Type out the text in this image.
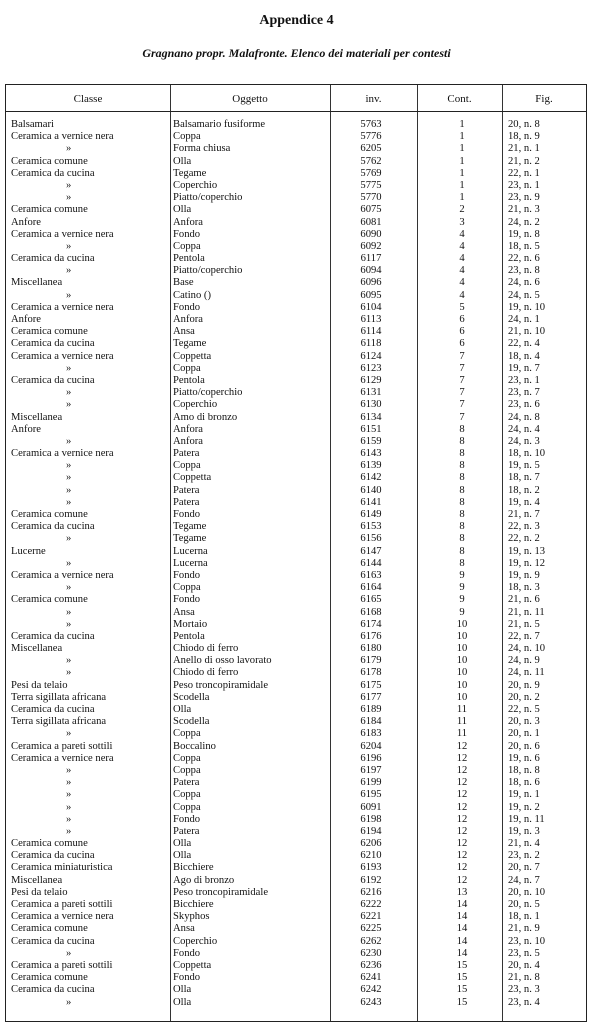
Appendice 4
Gragnano propr. Malafronte. Elenco dei materiali per contesti
Classe	Oggetto	inv.	Cont.	Fig.
Balsamari	Balsamario fusiforme	5763	1	20, n. 8
Ceramica a vernice nera	Coppa	5776	1	18, n. 9
»	Forma chiusa	6205	1	21, n. 1
Ceramica comune	Olla	5762	1	21, n. 2
Ceramica da cucina	Tegame	5769	1	22, n. 1
»	Coperchio	5775	1	23, n. 1
»	Piatto/coperchio	5770	1	23, n. 9
Ceramica comune	Olla	6075	2	21, n. 3
Anfore	Anfora	6081	3	24, n. 2
Ceramica a vernice nera	Fondo	6090	4	19, n. 8
»	Coppa	6092	4	18, n. 5
Ceramica da cucina	Pentola	6117	4	22, n. 6
»	Piatto/coperchio	6094	4	23, n. 8
Miscellanea	Base	6096	4	24, n. 6
»	Catino ()	6095	4	24, n. 5
Ceramica a vernice nera	Fondo	6104	5	19, n. 10
Anfore	Anfora	6113	6	24, n. 1
Ceramica comune	Ansa	6114	6	21, n. 10
Ceramica da cucina	Tegame	6118	6	22, n. 4
Ceramica a vernice nera	Coppetta	6124	7	18, n. 4
»	Coppa	6123	7	19, n. 7
Ceramica da cucina	Pentola	6129	7	23, n. 1
»	Piatto/coperchio	6131	7	23, n. 7
»	Coperchio	6130	7	23, n. 6
Miscellanea	Amo di bronzo	6134	7	24, n. 8
Anfore	Anfora	6151	8	24, n. 4
»	Anfora	6159	8	24, n. 3
Ceramica a vernice nera	Patera	6143	8	18, n. 10
»	Coppa	6139	8	19, n. 5
»	Coppetta	6142	8	18, n. 7
»	Patera	6140	8	18, n. 2
»	Patera	6141	8	19, n. 4
Ceramica comune	Fondo	6149	8	21, n. 7
Ceramica da cucina	Tegame	6153	8	22, n. 3
»	Tegame	6156	8	22, n. 2
Lucerne	Lucerna	6147	8	19, n. 13
»	Lucerna	6144	8	19, n. 12
Ceramica a vernice nera	Fondo	6163	9	19, n. 9
»	Coppa	6164	9	18, n. 3
Ceramica comune	Fondo	6165	9	21, n. 6
»	Ansa	6168	9	21, n. 11
»	Mortaio	6174	10	21, n. 5
Ceramica da cucina	Pentola	6176	10	22, n. 7
Miscellanea	Chiodo di ferro	6180	10	24, n. 10
»	Anello di osso lavorato	6179	10	24, n. 9
»	Chiodo di ferro	6178	10	24, n. 11
Pesi da telaio	Peso troncopiramidale	6175	10	20, n. 9
Terra sigillata africana	Scodella	6177	10	20, n. 2
Ceramica da cucina	Olla	6189	11	22, n. 5
Terra sigillata africana	Scodella	6184	11	20, n. 3
»	Coppa	6183	11	20, n. 1
Ceramica a pareti sottili	Boccalino	6204	12	20, n. 6
Ceramica a vernice nera	Coppa	6196	12	19, n. 6
»	Coppa	6197	12	18, n. 8
»	Patera	6199	12	18, n. 6
»	Coppa	6195	12	19, n. 1
»	Coppa	6091	12	19, n. 2
»	Fondo	6198	12	19, n. 11
»	Patera	6194	12	19, n. 3
Ceramica comune	Olla	6206	12	21, n. 4
Ceramica da cucina	Olla	6210	12	23, n. 2
Ceramica miniaturistica	Bicchiere	6193	12	20, n. 7
Miscellanea	Ago di bronzo	6192	12	24, n. 7
Pesi da telaio	Peso troncopiramidale	6216	13	20, n. 10
Ceramica a pareti sottili	Bicchiere	6222	14	20, n. 5
Ceramica a vernice nera	Skyphos	6221	14	18, n. 1
Ceramica comune	Ansa	6225	14	21, n. 9
Ceramica da cucina	Coperchio	6262	14	23, n. 10
»	Fondo	6230	14	23, n. 5
Ceramica a pareti sottili	Coppetta	6236	15	20, n. 4
Ceramica comune	Fondo	6241	15	21, n. 8
Ceramica da cucina	Olla	6242	15	23, n. 3
»	Olla	6243	15	23, n. 4
